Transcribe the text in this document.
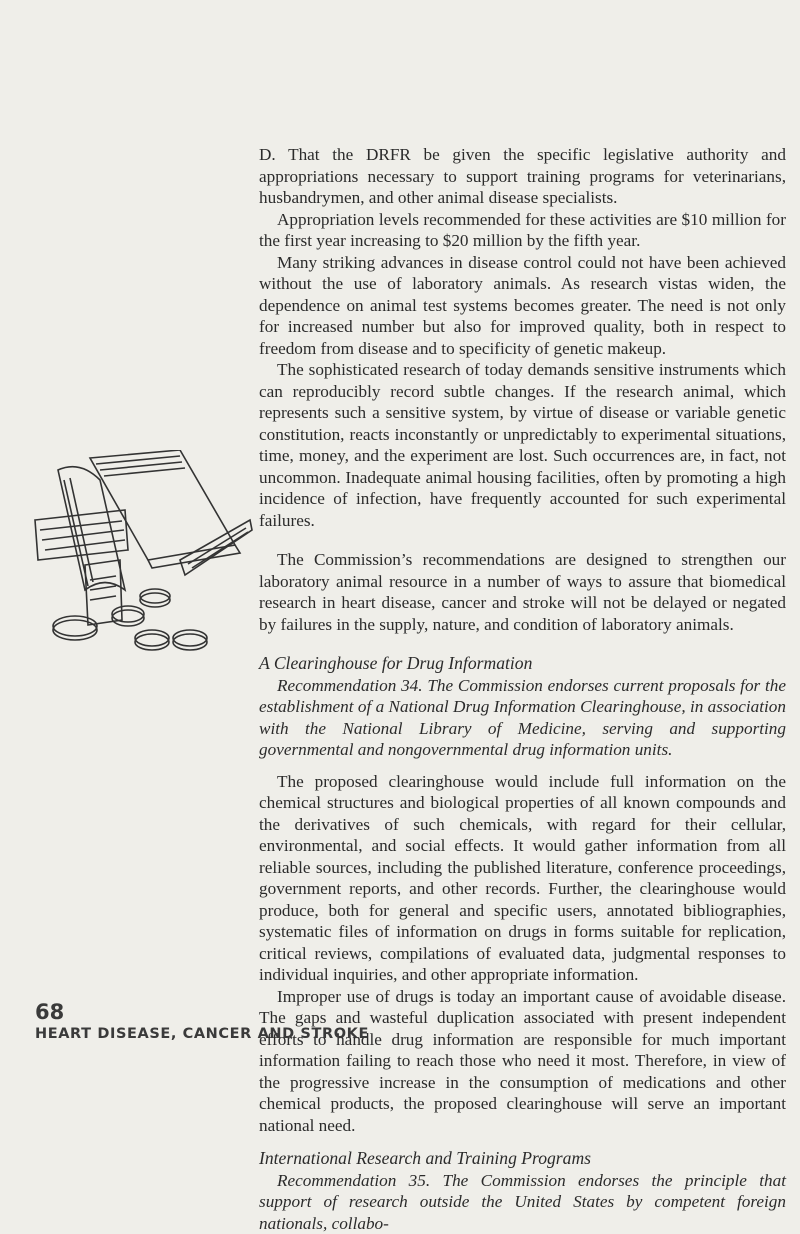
D. That the DRFR be given the specific legislative authority and appropriations necessary to support training programs for veterinarians, husbandrymen, and other animal disease specialists.

Appropriation levels recommended for these activities are $10 million for the first year increasing to $20 million by the fifth year.

Many striking advances in disease control could not have been achieved without the use of laboratory animals. As research vistas widen, the dependence on animal test systems becomes greater. The need is not only for increased number but also for improved quality, both in respect to freedom from disease and to specificity of genetic makeup.

The sophisticated research of today demands sensitive instruments which can reproducibly record subtle changes. If the research animal, which represents such a sensitive system, by virtue of disease or variable genetic constitution, reacts inconstantly or unpredictably to experimental situations, time, money, and the experiment are lost. Such occurrences are, in fact, not uncommon. Inadequate animal housing facilities, often by promoting a high incidence of infection, have frequently accounted for such experimental failures.

The Commission’s recommendations are designed to strengthen our laboratory animal resource in a number of ways to assure that biomedical research in heart disease, cancer and stroke will not be delayed or negated by failures in the supply, nature, and condition of laboratory animals.

A Clearinghouse for Drug Information

Recommendation 34. The Commission endorses current proposals for the establishment of a National Drug Information Clearinghouse, in association with the National Library of Medicine, serving and supporting governmental and nongovernmental drug information units.

The proposed clearinghouse would include full information on the chemical structures and biological properties of all known compounds and the derivatives of such chemicals, with regard for their cellular, environmental, and social effects. It would gather information from all reliable sources, including the published literature, conference proceedings, government reports, and other records. Further, the clearinghouse would produce, both for general and specific users, annotated bibliographies, systematic files of information on drugs in forms suitable for replication, critical reviews, compilations of evaluated data, judgmental responses to individual inquiries, and other appropriate information.

Improper use of drugs is today an important cause of avoidable disease. The gaps and wasteful duplication associated with present independent efforts to handle drug information are responsible for much important information failing to reach those who need it most. Therefore, in view of the progressive increase in the consumption of medications and other chemical products, the proposed clearinghouse will serve an important national need.

International Research and Training Programs

Recommendation 35. The Commission endorses the principle that support of research outside the United States by competent foreign nationals, collabo-

68
HEART DISEASE, CANCER AND STROKE
